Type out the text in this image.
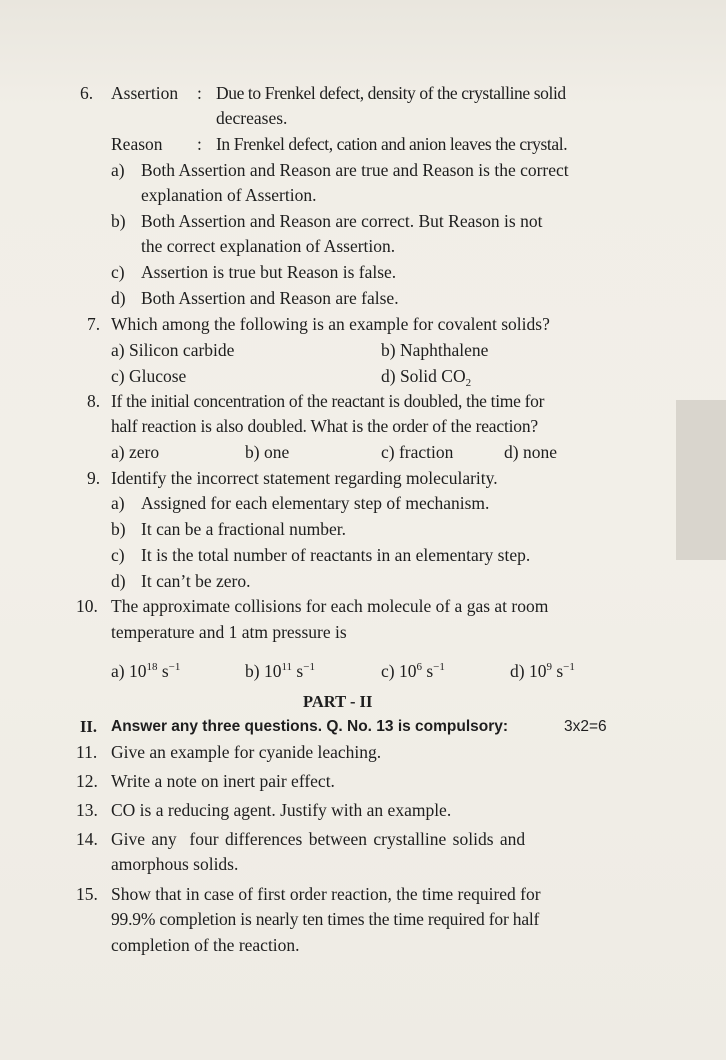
6. Assertion : Due to Frenkel defect, density of the crystalline solid
decreases.
Reason : In Frenkel defect, cation and anion leaves the crystal.
a) Both Assertion and Reason are true and Reason is the correct
explanation of Assertion.
b) Both Assertion and Reason are correct. But Reason is not
the correct explanation of Assertion.
c) Assertion is true but Reason is false.
d) Both Assertion and Reason are false.
7. Which among the following is an example for covalent solids?
a) Silicon carbide	b) Naphthalene
c) Glucose	d) Solid $CO_2$
8. If the initial concentration of the reactant is doubled, the time for
half reaction is also doubled. What is the order of the reaction?
a) zero	b) one	c) fraction	d) none
9. Identify the incorrect statement regarding molecularity.
a) Assigned for each elementary step of mechanism.
b) It can be a fractional number.
c) It is the total number of reactants in an elementary step.
d) It can’t be zero.
10. The approximate collisions for each molecule of a gas at room
temperature and 1 atm pressure is
a) $10^{18}$ $s^{-1}$	b) $10^{11}$ $s^{-1}$	c) $10^6$ $s^{-1}$	d) $10^9$ $s^{-1}$
PART - II
II. Answer any three questions. Q. No. 13 is compulsory:	3x2=6
11. Give an example for cyanide leaching.
12. Write a note on inert pair effect.
13. CO is a reducing agent. Justify with an example.
14. Give any  four differences between crystalline solids and
amorphous solids.
15. Show that in case of first order reaction, the time required for
99.9% completion is nearly ten times the time required for half
completion of the reaction.
